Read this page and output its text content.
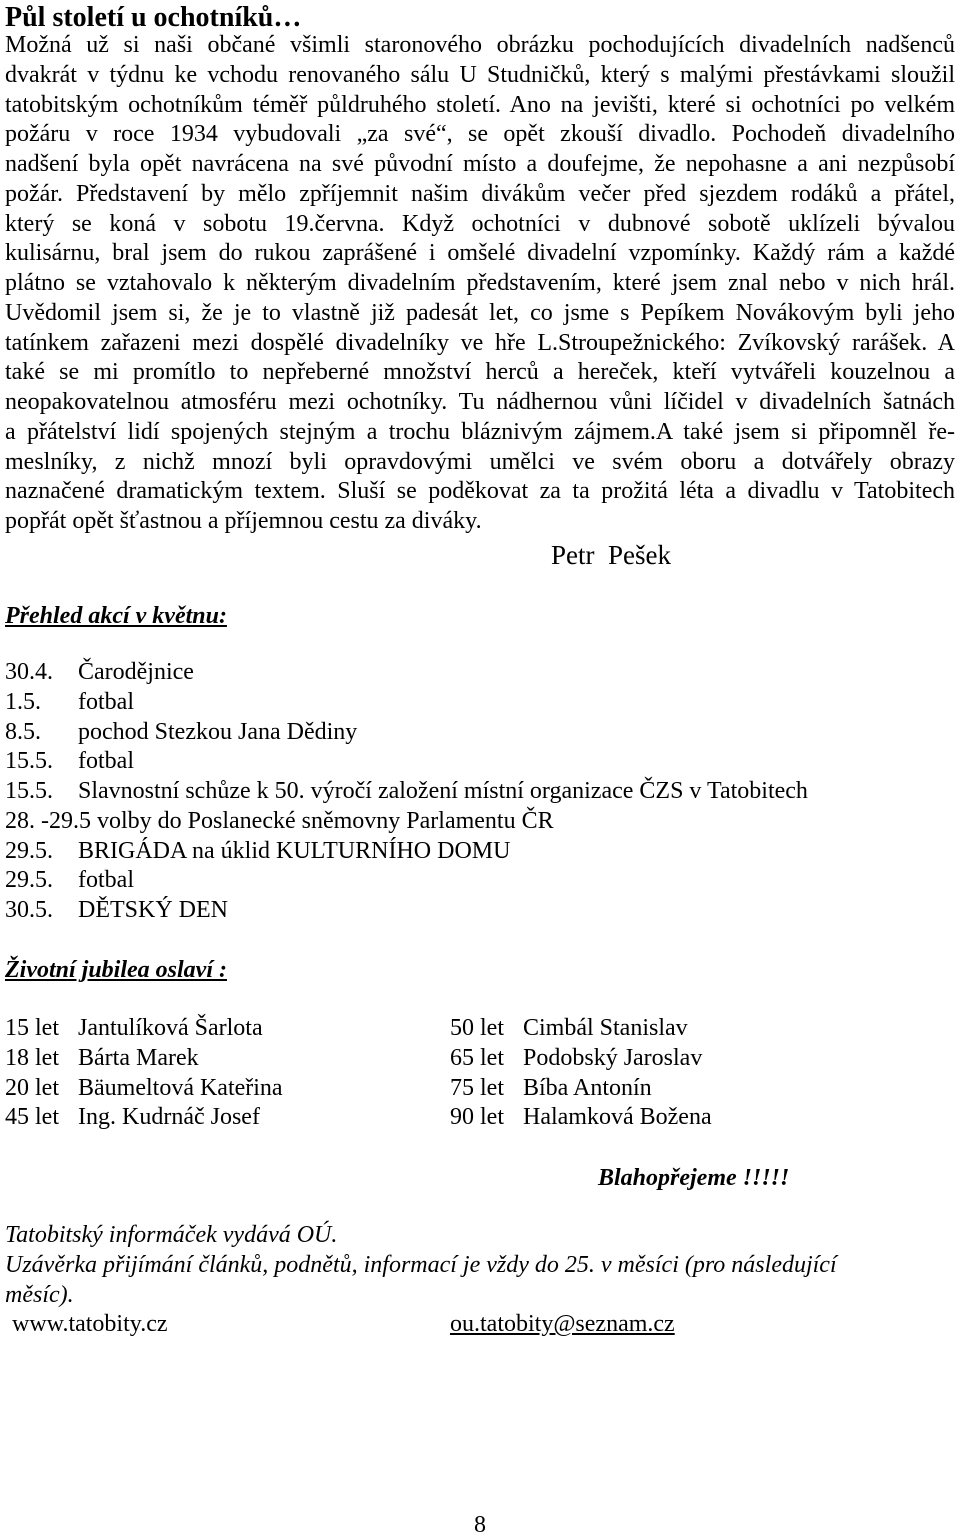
Půl století u ochotníků…
Možná už si naši občané všimli staronového obrázku pochodujících divadelních nadšenců
dvakrát v týdnu ke vchodu renovaného sálu U Studničků, který s malými přestávkami sloužil
tatobitským ochotníkům téměř půldruhého století. Ano na jevišti, které si ochotníci po velkém
požáru v roce 1934 vybudovali „za své“, se opět zkouší divadlo. Pochodeň divadelního
nadšení byla opět navrácena na své původní místo a doufejme, že nepohasne a ani nezpůsobí
požár. Představení by mělo zpříjemnit našim divákům večer před sjezdem rodáků a přátel,
který se koná v sobotu 19.června. Když ochotníci v dubnové sobotě uklízeli bývalou
kulisárnu, bral jsem do rukou zaprášené i omšelé divadelní vzpomínky. Každý rám a každé
plátno se vztahovalo k některým divadelním představením, které jsem znal nebo v nich hrál.
Uvědomil jsem si, že je to vlastně již padesát let, co jsme s Pepíkem Novákovým byli jeho
tatínkem zařazeni mezi dospělé divadelníky ve hře L.Stroupežnického: Zvíkovský rarášek. A
také se mi promítlo to nepřeberné množství herců a hereček, kteří vytvářeli kouzelnou a
neopakovatelnou atmosféru mezi ochotníky. Tu nádhernou vůni líčidel v divadelních šatnách
a přátelství lidí spojených stejným a trochu bláznivým zájmem.A také jsem si připomněl ře-
meslníky, z nichž mnozí byli opravdovými umělci ve svém oboru a dotvářely obrazy
naznačené dramatickým textem. Sluší se poděkovat za ta prožitá léta a divadlu v Tatobitech
popřát opět šťastnou a příjemnou cestu za diváky.
Petr  Pešek
Přehled akcí v květnu:
30.4. Čarodějnice
1.5. fotbal
8.5. pochod Stezkou Jana Dědiny
15.5. fotbal
15.5. Slavnostní schůze k 50. výročí založení místní organizace ČZS v Tatobitech
28. -29.5 volby do Poslanecké sněmovny Parlamentu ČR
29.5. BRIGÁDA na úklid KULTURNÍHO DOMU
29.5. fotbal
30.5. DĚTSKÝ DEN
Životní jubilea oslaví :
15 let Jantulíková Šarlota
18 let Bárta Marek
20 let Bäumeltová Kateřina
45 let Ing. Kudrnáč Josef
50 let Cimbál Stanislav
65 let Podobský Jaroslav
75 let Bíba Antonín
90 let Halamková Božena
Blahopřejeme !!!!!
Tatobitský informáček vydává OÚ.
Uzávěrka přijímání článků, podnětů, informací je vždy do 25. v měsíci (pro následující
měsíc).
www.tatobity.cz	ou.tatobity@seznam.cz
8
